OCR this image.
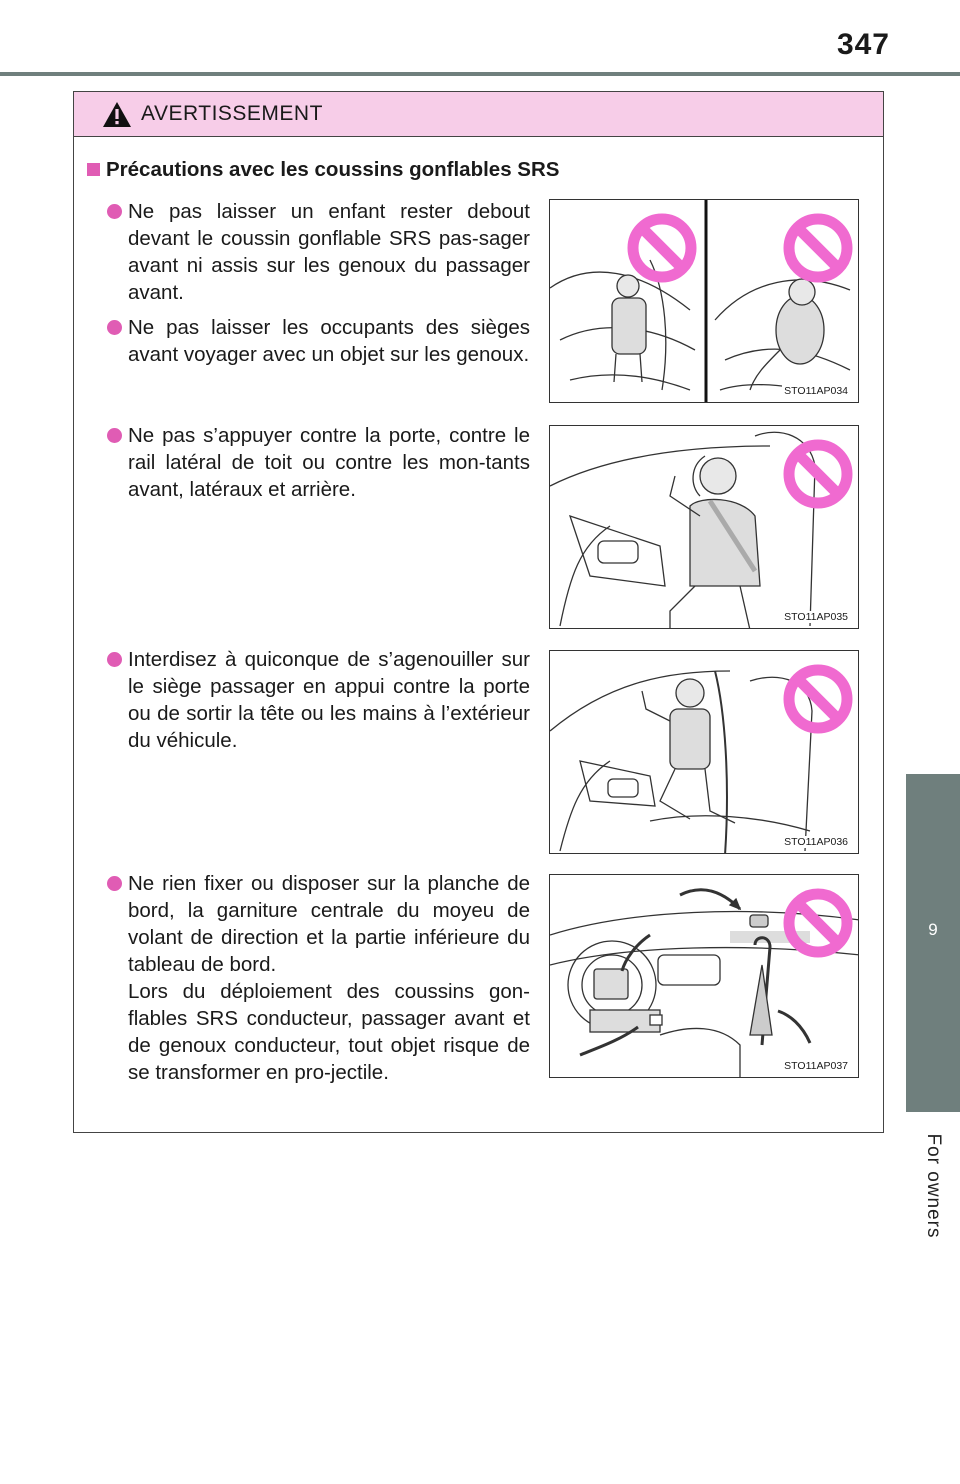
347
9
For owners
AVERTISSEMENT
Précautions avec les coussins gonflables SRS
Ne pas laisser un enfant rester debout devant le coussin gonflable SRS pas-sager avant ni assis sur les genoux du passager avant.
Ne pas laisser les occupants des sièges avant voyager avec un objet sur les genoux.
Ne pas s’appuyer contre la porte, contre le rail latéral de toit ou contre les mon-tants avant, latéraux et arrière.
Interdisez à quiconque de s’agenouiller sur le siège passager en appui contre la porte ou de sortir la tête ou les mains à l’extérieur du véhicule.
Ne rien fixer ou disposer sur la planche de bord, la garniture centrale du moyeu de volant de direction et la partie inférieure du tableau de bord.
Lors du déploiement des coussins gon-flables SRS conducteur, passager avant et de genoux conducteur, tout objet risque de se transformer en pro-jectile.
STO11AP034
STO11AP035
STO11AP036
STO11AP037
